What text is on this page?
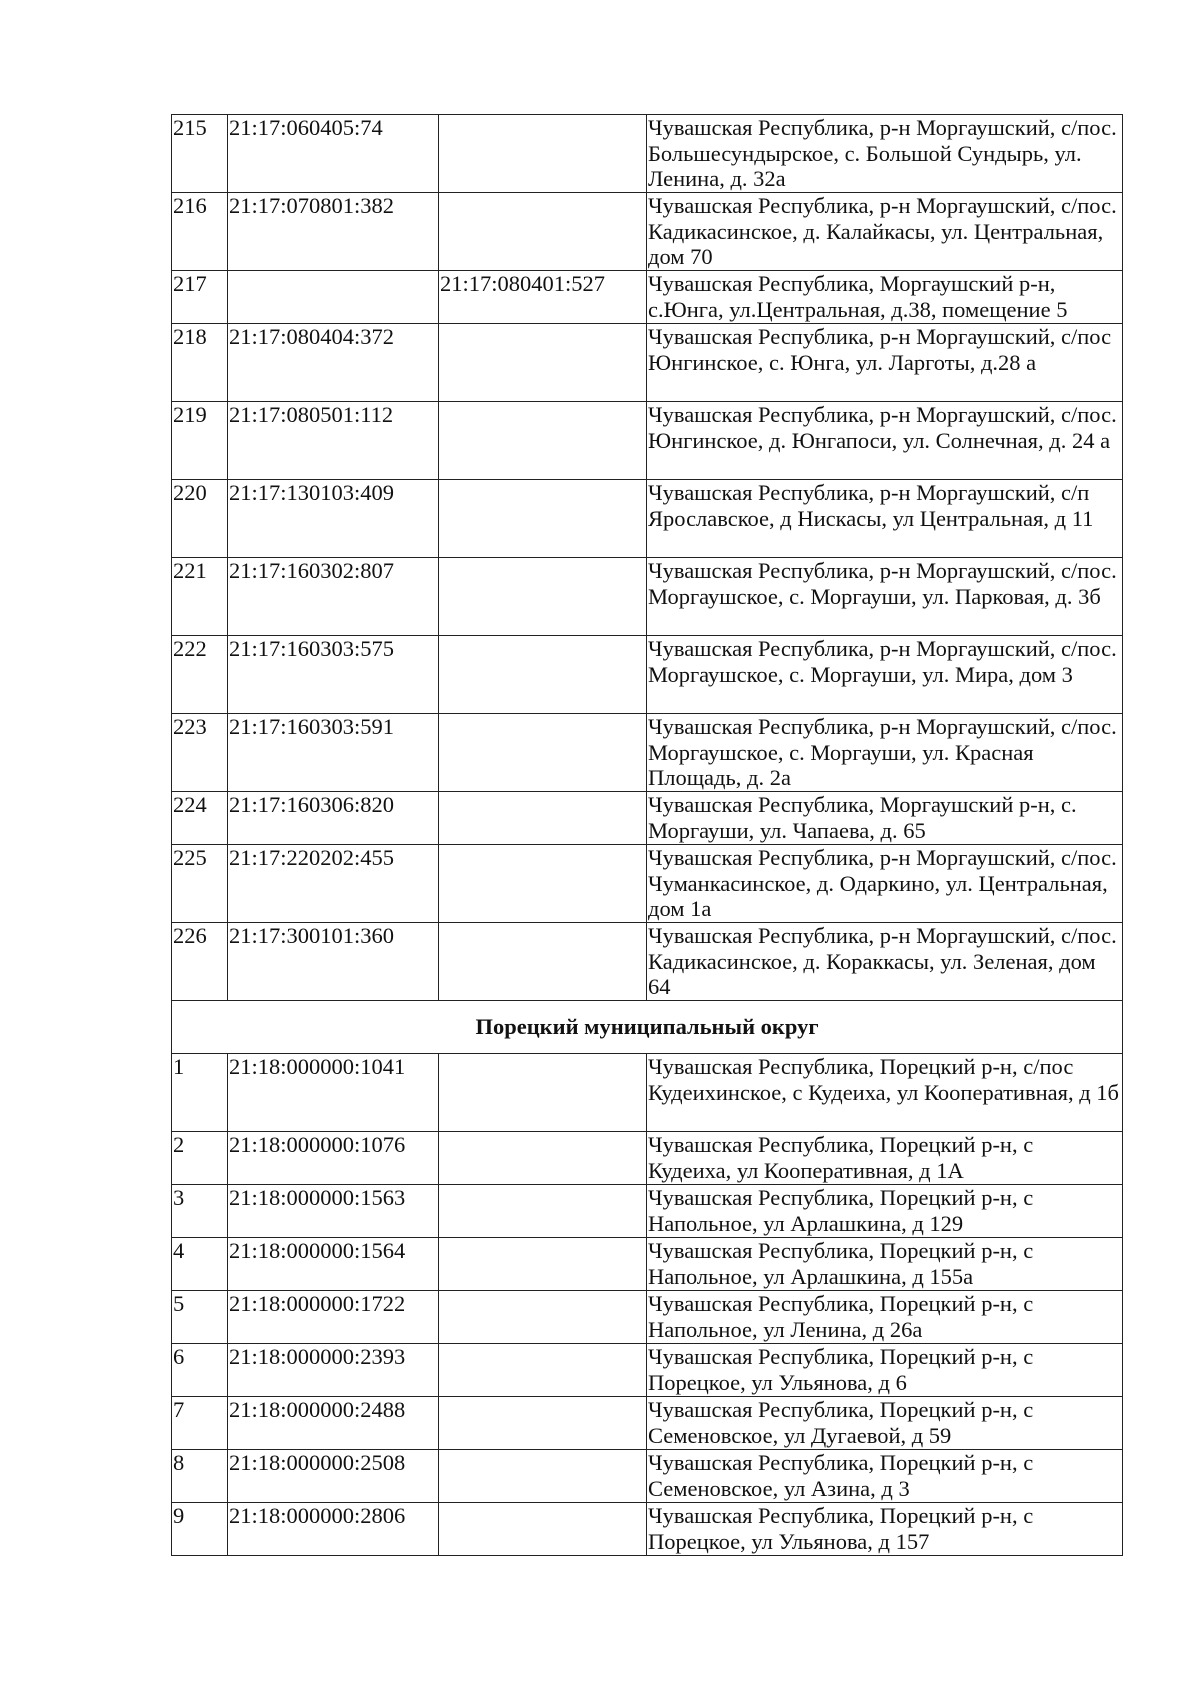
215	21:17:060405:74		Чувашская Республика, р-н Моргаушский, с/пос. Большесундырское, с. Большой Сундырь, ул. Ленина, д. 32а
216	21:17:070801:382		Чувашская Республика, р-н Моргаушский, с/пос. Кадикасинское, д. Калайкасы, ул. Центральная, дом 70
217		21:17:080401:527	Чувашская Республика, Моргаушский р-н, с.Юнга, ул.Центральная, д.38, помещение 5
218	21:17:080404:372		Чувашская Республика, р-н Моргаушский, с/пос Юнгинское, с. Юнга, ул. Ларготы, д.28 а
219	21:17:080501:112		Чувашская Республика, р-н Моргаушский, с/пос. Юнгинское, д. Юнгапоси, ул. Солнечная, д. 24 а
220	21:17:130103:409		Чувашская Республика, р-н Моргаушский, с/п Ярославское, д Нискасы, ул Центральная, д 11
221	21:17:160302:807		Чувашская Республика, р-н Моргаушский, с/пос. Моргаушское, с. Моргауши, ул. Парковая, д. 3б
222	21:17:160303:575		Чувашская Республика, р-н Моргаушский, с/пос. Моргаушское, с. Моргауши, ул. Мира, дом 3
223	21:17:160303:591		Чувашская Республика, р-н Моргаушский, с/пос. Моргаушское, с. Моргауши, ул. Красная Площадь, д. 2а
224	21:17:160306:820		Чувашская Республика, Моргаушский р-н, с. Моргауши, ул. Чапаева, д. 65
225	21:17:220202:455		Чувашская Республика, р-н Моргаушский, с/пос. Чуманкасинское, д. Одаркино, ул. Центральная, дом 1а
226	21:17:300101:360		Чувашская Республика, р-н Моргаушский, с/пос. Кадикасинское, д. Кораккасы, ул. Зеленая, дом 64
Порецкий муниципальный округ			
1	21:18:000000:1041		Чувашская Республика, Порецкий р-н, с/пос Кудеихинское, с Кудеиха, ул Кооперативная, д 1б
2	21:18:000000:1076		Чувашская Республика, Порецкий р-н, с Кудеиха, ул Кооперативная, д 1А
3	21:18:000000:1563		Чувашская Республика, Порецкий р-н, с Напольное, ул Арлашкина, д 129
4	21:18:000000:1564		Чувашская Республика, Порецкий р-н, с Напольное, ул Арлашкина, д 155а
5	21:18:000000:1722		Чувашская Республика, Порецкий р-н, с Напольное, ул Ленина, д 26а
6	21:18:000000:2393		Чувашская Республика, Порецкий р-н, с Порецкое, ул Ульянова, д 6
7	21:18:000000:2488		Чувашская Республика, Порецкий р-н, с Семеновское, ул Дугаевой, д 59
8	21:18:000000:2508		Чувашская Республика, Порецкий р-н, с Семеновское, ул Азина, д 3
9	21:18:000000:2806		Чувашская Республика, Порецкий р-н, с Порецкое, ул Ульянова, д 157
